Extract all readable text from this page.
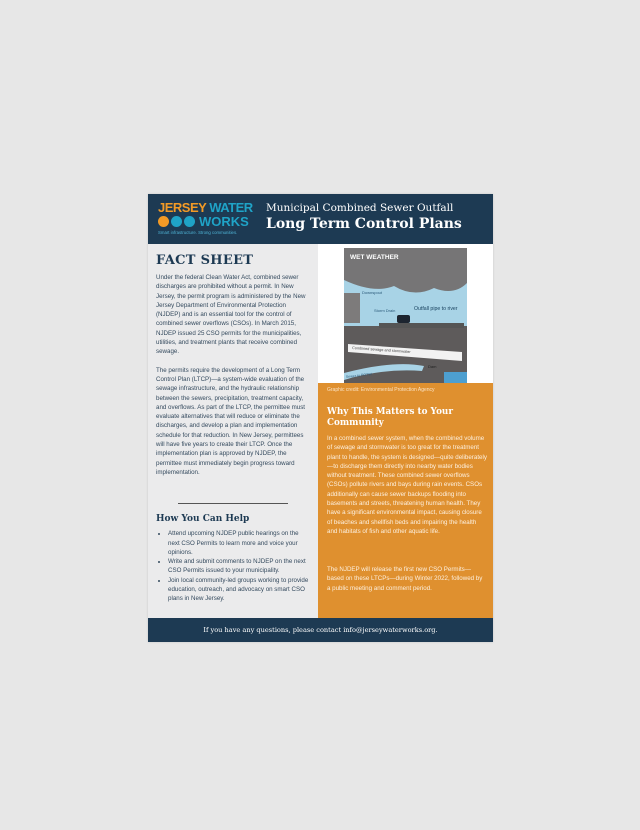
JERSEY WATER
WORKS
Smart infrastructure. Strong communities.
Municipal Combined Sewer Outfall
Long Term Control Plans
FACT SHEET

Under the federal Clean Water Act, combined sewer discharges are prohibited without a permit. In New Jersey, the permit program is administered by the New Jersey Department of Environmental Protection (NJDEP) and is an essential tool for the control of combined sewer overflows (CSOs). In March 2015, NJDEP issued 25 CSO permits for the municipalities, utilities, and treatment plants that receive combined sewage.

The permits require the development of a Long Term Control Plan (LTCP)—a system-wide evaluation of the sewage infrastructure, and the hydraulic relationship between the sewers, precipitation, treatment capacity, and overflows. As part of the LTCP, the permittee must evaluate alternatives that will reduce or eliminate the discharges, and develop a plan and implementation schedule for that reduction. In New Jersey, permittees will have five years to create their LTCP. Once the implementation plan is approved by NJDEP, the permittee must immediately begin progress toward implementation.

How You Can Help
• Attend upcoming NJDEP public hearings on the next CSO Permits to learn more and voice your opinions.
• Write and submit comments to NJDEP on the next CSO Permits issued to your municipality.
• Join local community-led groups working to provide education, outreach, and advocacy on smart CSO plans in New Jersey.
WET WEATHER
Downspout
Storm Drain	Outfall pipe to river
Combined sewage and stormwater
Dam
Sewer to POTW
Graphic credit: Environmental Protection Agency
Why This Matters to Your Community

In a combined sewer system, when the combined volume of sewage and stormwater is too great for the treatment plant to handle, the system is designed—quite deliberately—to discharge them directly into nearby water bodies without treatment. These combined sewer overflows (CSOs) pollute rivers and bays during rain events. CSOs additionally can cause sewer backups flooding into basements and streets, threatening human health. They have a significant environmental impact, causing closure of beaches and shellfish beds and impairing the health and habitats of fish and other aquatic life.

The NJDEP will release the first new CSO Permits—based on these LTCPs—during Winter 2022, followed by a public meeting and comment period.

If you have any questions, please contact info@jerseywaterworks.org.
